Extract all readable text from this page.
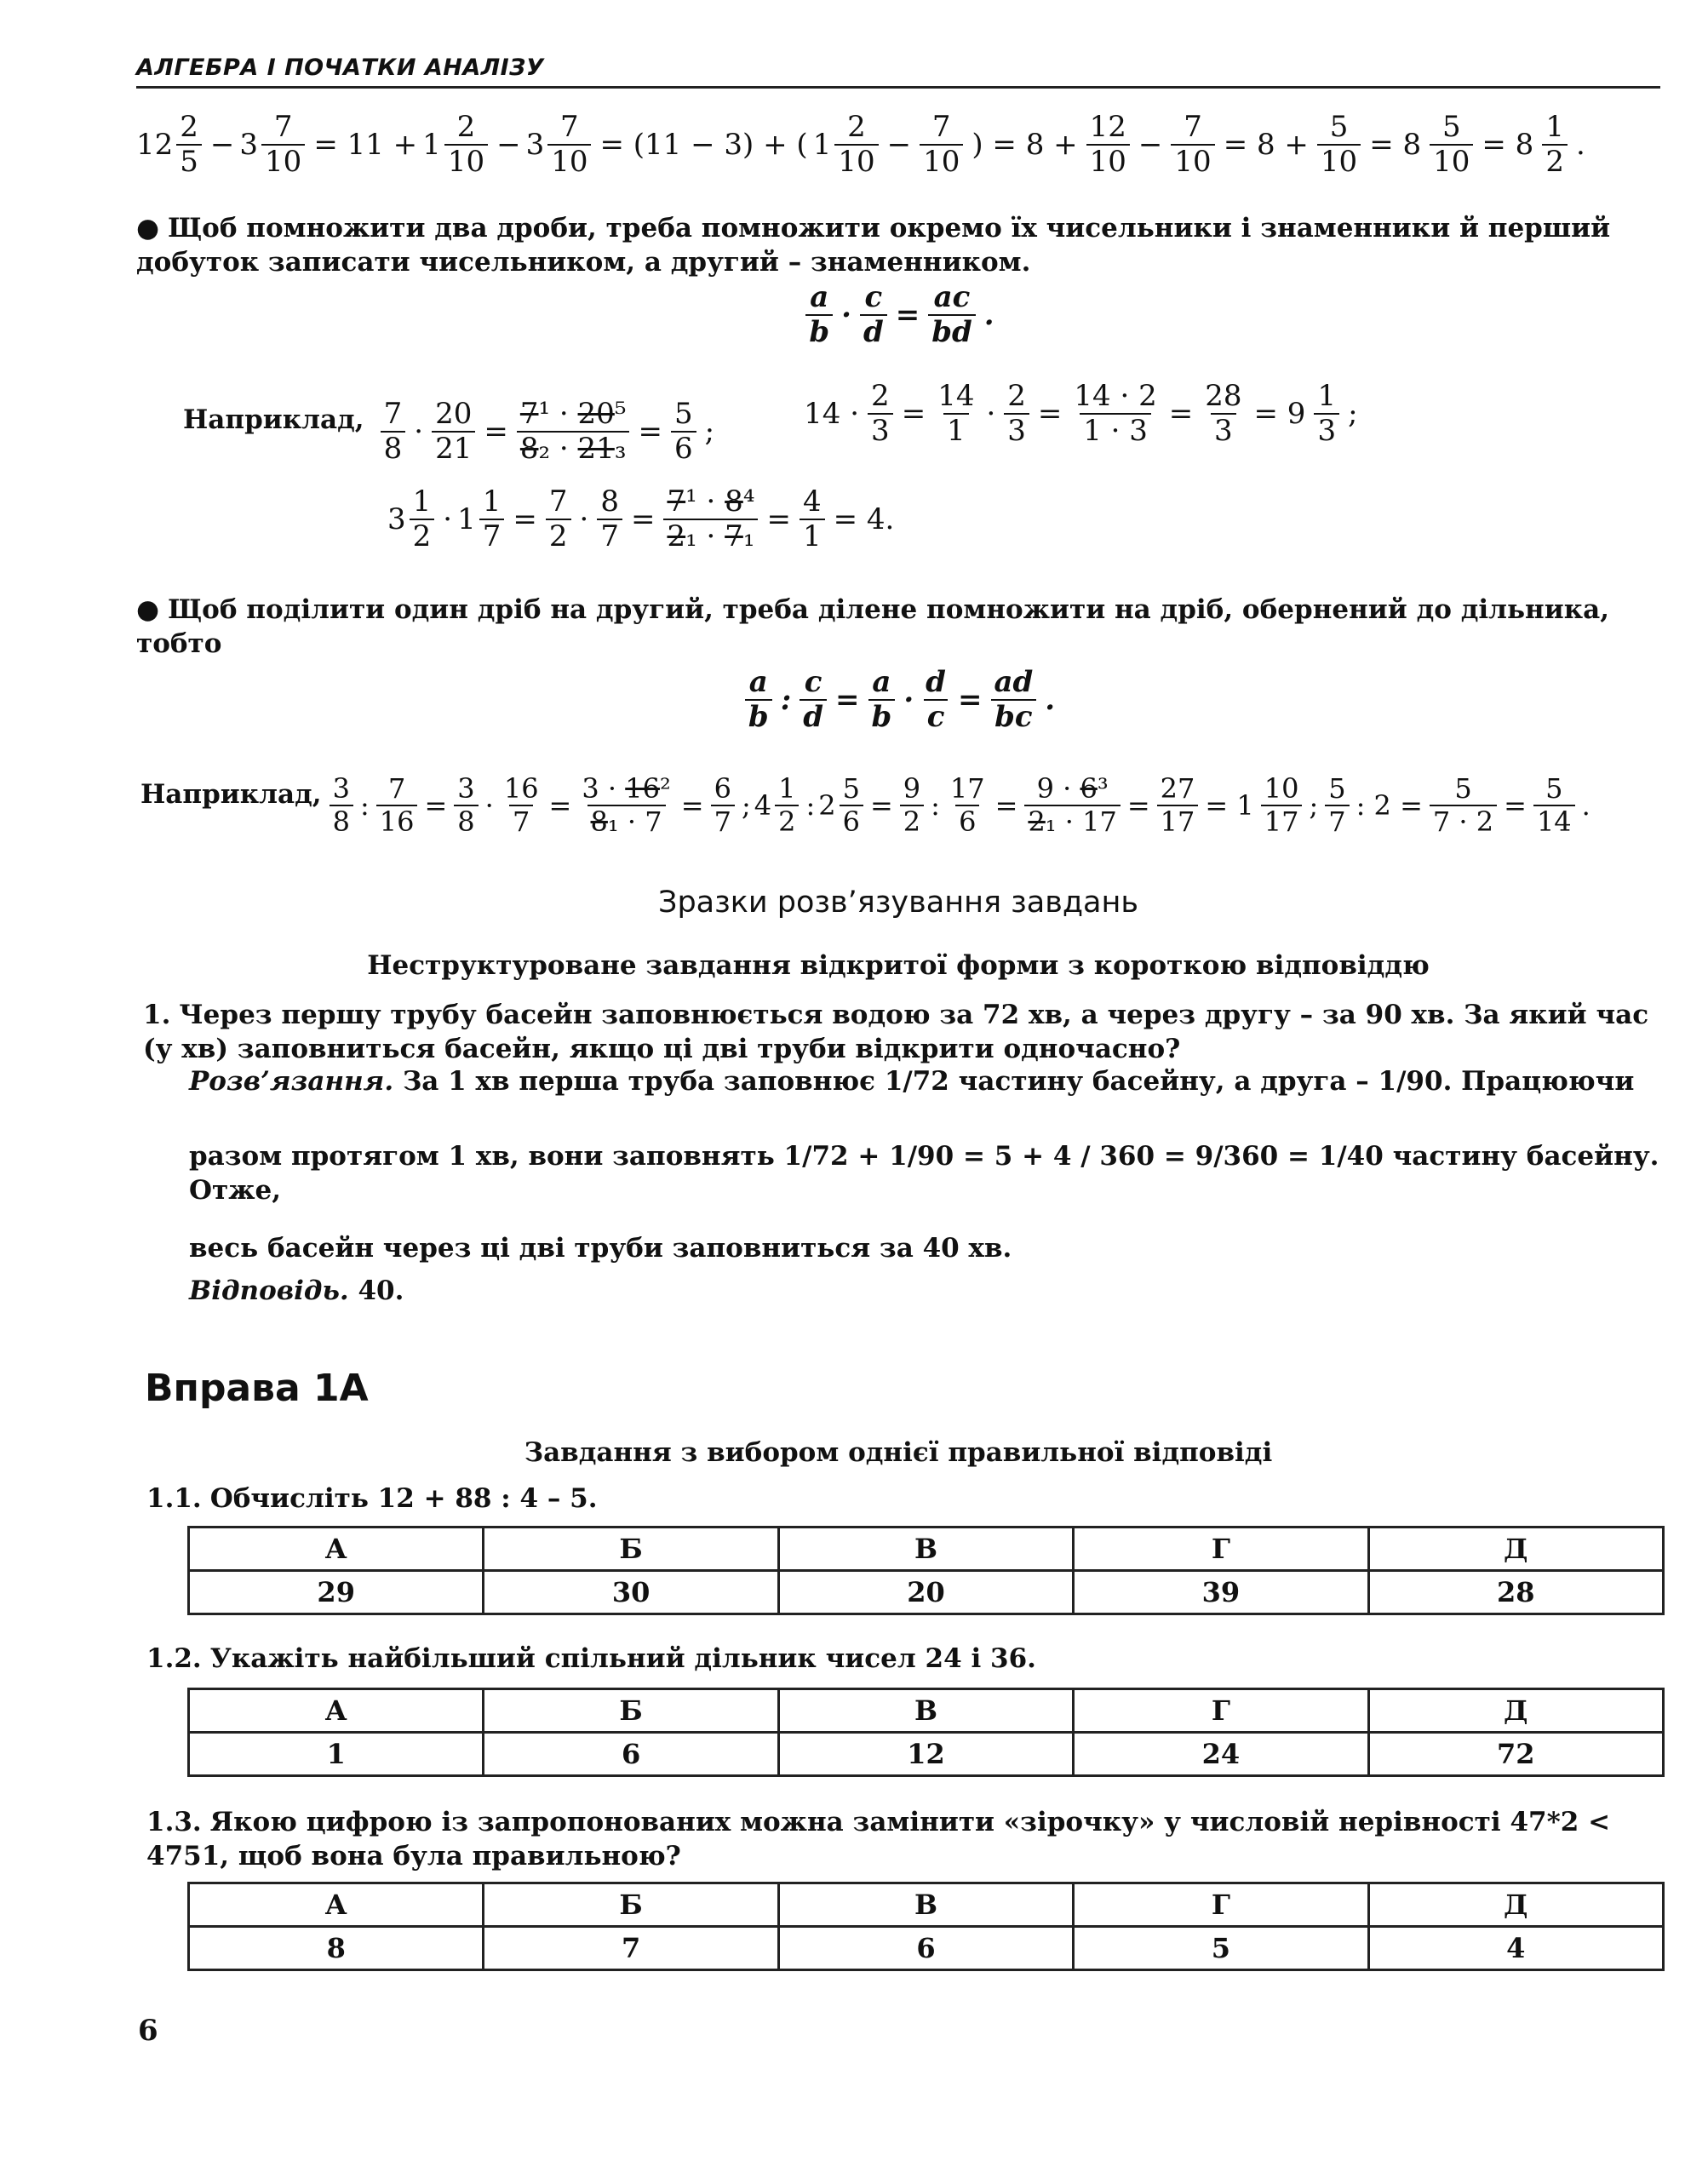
АЛГЕБРА І ПОЧАТКИ АНАЛІЗУ
$12 \frac{2}{5} - 3 \frac{7}{10} = 11 + 1 \frac{2}{10} - 3 \frac{7}{10} = (11 - 3)$ + ( $1 \frac{2}{10} - \frac{7}{10}$ ) = $8 + \frac{12}{10} - \frac{7}{10} = 8 + \frac{5}{10} = 8 \frac{5}{10} = 8 \frac{1}{2}$ .
● Щоб помножити два дроби, треба помножити окремо їх чисельники і знаменники й перший добуток записати чисельником, а другий – знаменником.
$\frac{a}{b} \cdot \frac{c}{d} = \frac{ac}{bd}$ .
Наприклад, $\frac{7}{8} \cdot \frac{20}{21} = \frac{\text{7¹ · 20⁵}}{\text{8₂ · 21₃}} = \frac{5}{6}$ ;

$14 \cdot \frac{2}{3} = \frac{14}{1} \cdot \frac{2}{3} = \frac{14 \cdot 2}{1 \cdot 3} = \frac{28}{3} = 9 \frac{1}{3}$ ;
$3 \frac{1}{2} \cdot 1 \frac{1}{7} = \frac{7}{2} \cdot \frac{8}{7} = \frac{\text{7¹ · 8⁴}}{\text{2₁ · 7₁}} = \frac{4}{1} = 4$.
● Щоб поділити один дріб на другий, треба ділене помножити на дріб, обернений до дільника, тобто
$\frac{a}{b}$ : $\frac{c}{d} = \frac{a}{b} \cdot \frac{d}{c} = \frac{ad}{bc}$ .
Наприклад, $\frac{3}{8}$ : $\frac{7}{16} = \frac{3}{8} \cdot \frac{16}{7} = \frac{\text{3 · 16²}}{\text{8₁ · 7}} = \frac{6}{7}$ ; $4 \frac{1}{2}$ : $2 \frac{5}{6} = \frac{9}{2}$ : $\frac{17}{6} = \frac{\text{9 · 6³}}{\text{2₁ · 17}} = \frac{27}{17} = 1 \frac{10}{17}$ ; $\frac{5}{7}$ : $2 = \frac{5}{7 \cdot 2} = \frac{5}{14}$ .
Зразки розв’язування завдань
Неструктуроване завдання відкритої форми з короткою відповіддю
1. Через першу трубу басейн заповнюється водою за 72 хв, а через другу – за 90 хв. За який час (у хв) заповниться басейн, якщо ці дві труби відкрити одночасно?
Розв’язання. За 1 хв перша труба заповнює 1/72 частину басейну, а друга – 1/90. Працюючи
разом протягом 1 хв, вони заповнять 1/72 + 1/90 = 5 + 4 / 360 = 9/360 = 1/40 частину басейну. Отже,
весь басейн через ці дві труби заповниться за 40 хв.
Відповідь. 40.
Вправа 1А
Завдання з вибором однієї правильної відповіді
1.1. Обчисліть 12 + 88 : 4 – 5.
А	Б	В	Г	Д
29	30	20	39	28
1.2. Укажіть найбільший спільний дільник чисел 24 і 36.
А	Б	В	Г	Д
1	6	12	24	72
1.3. Якою цифрою із запропонованих можна замінити «зірочку» у числовій нерівності 47*2 < 4751, щоб вона була правильною?
А	Б	В	Г	Д
8	7	6	5	4
6
